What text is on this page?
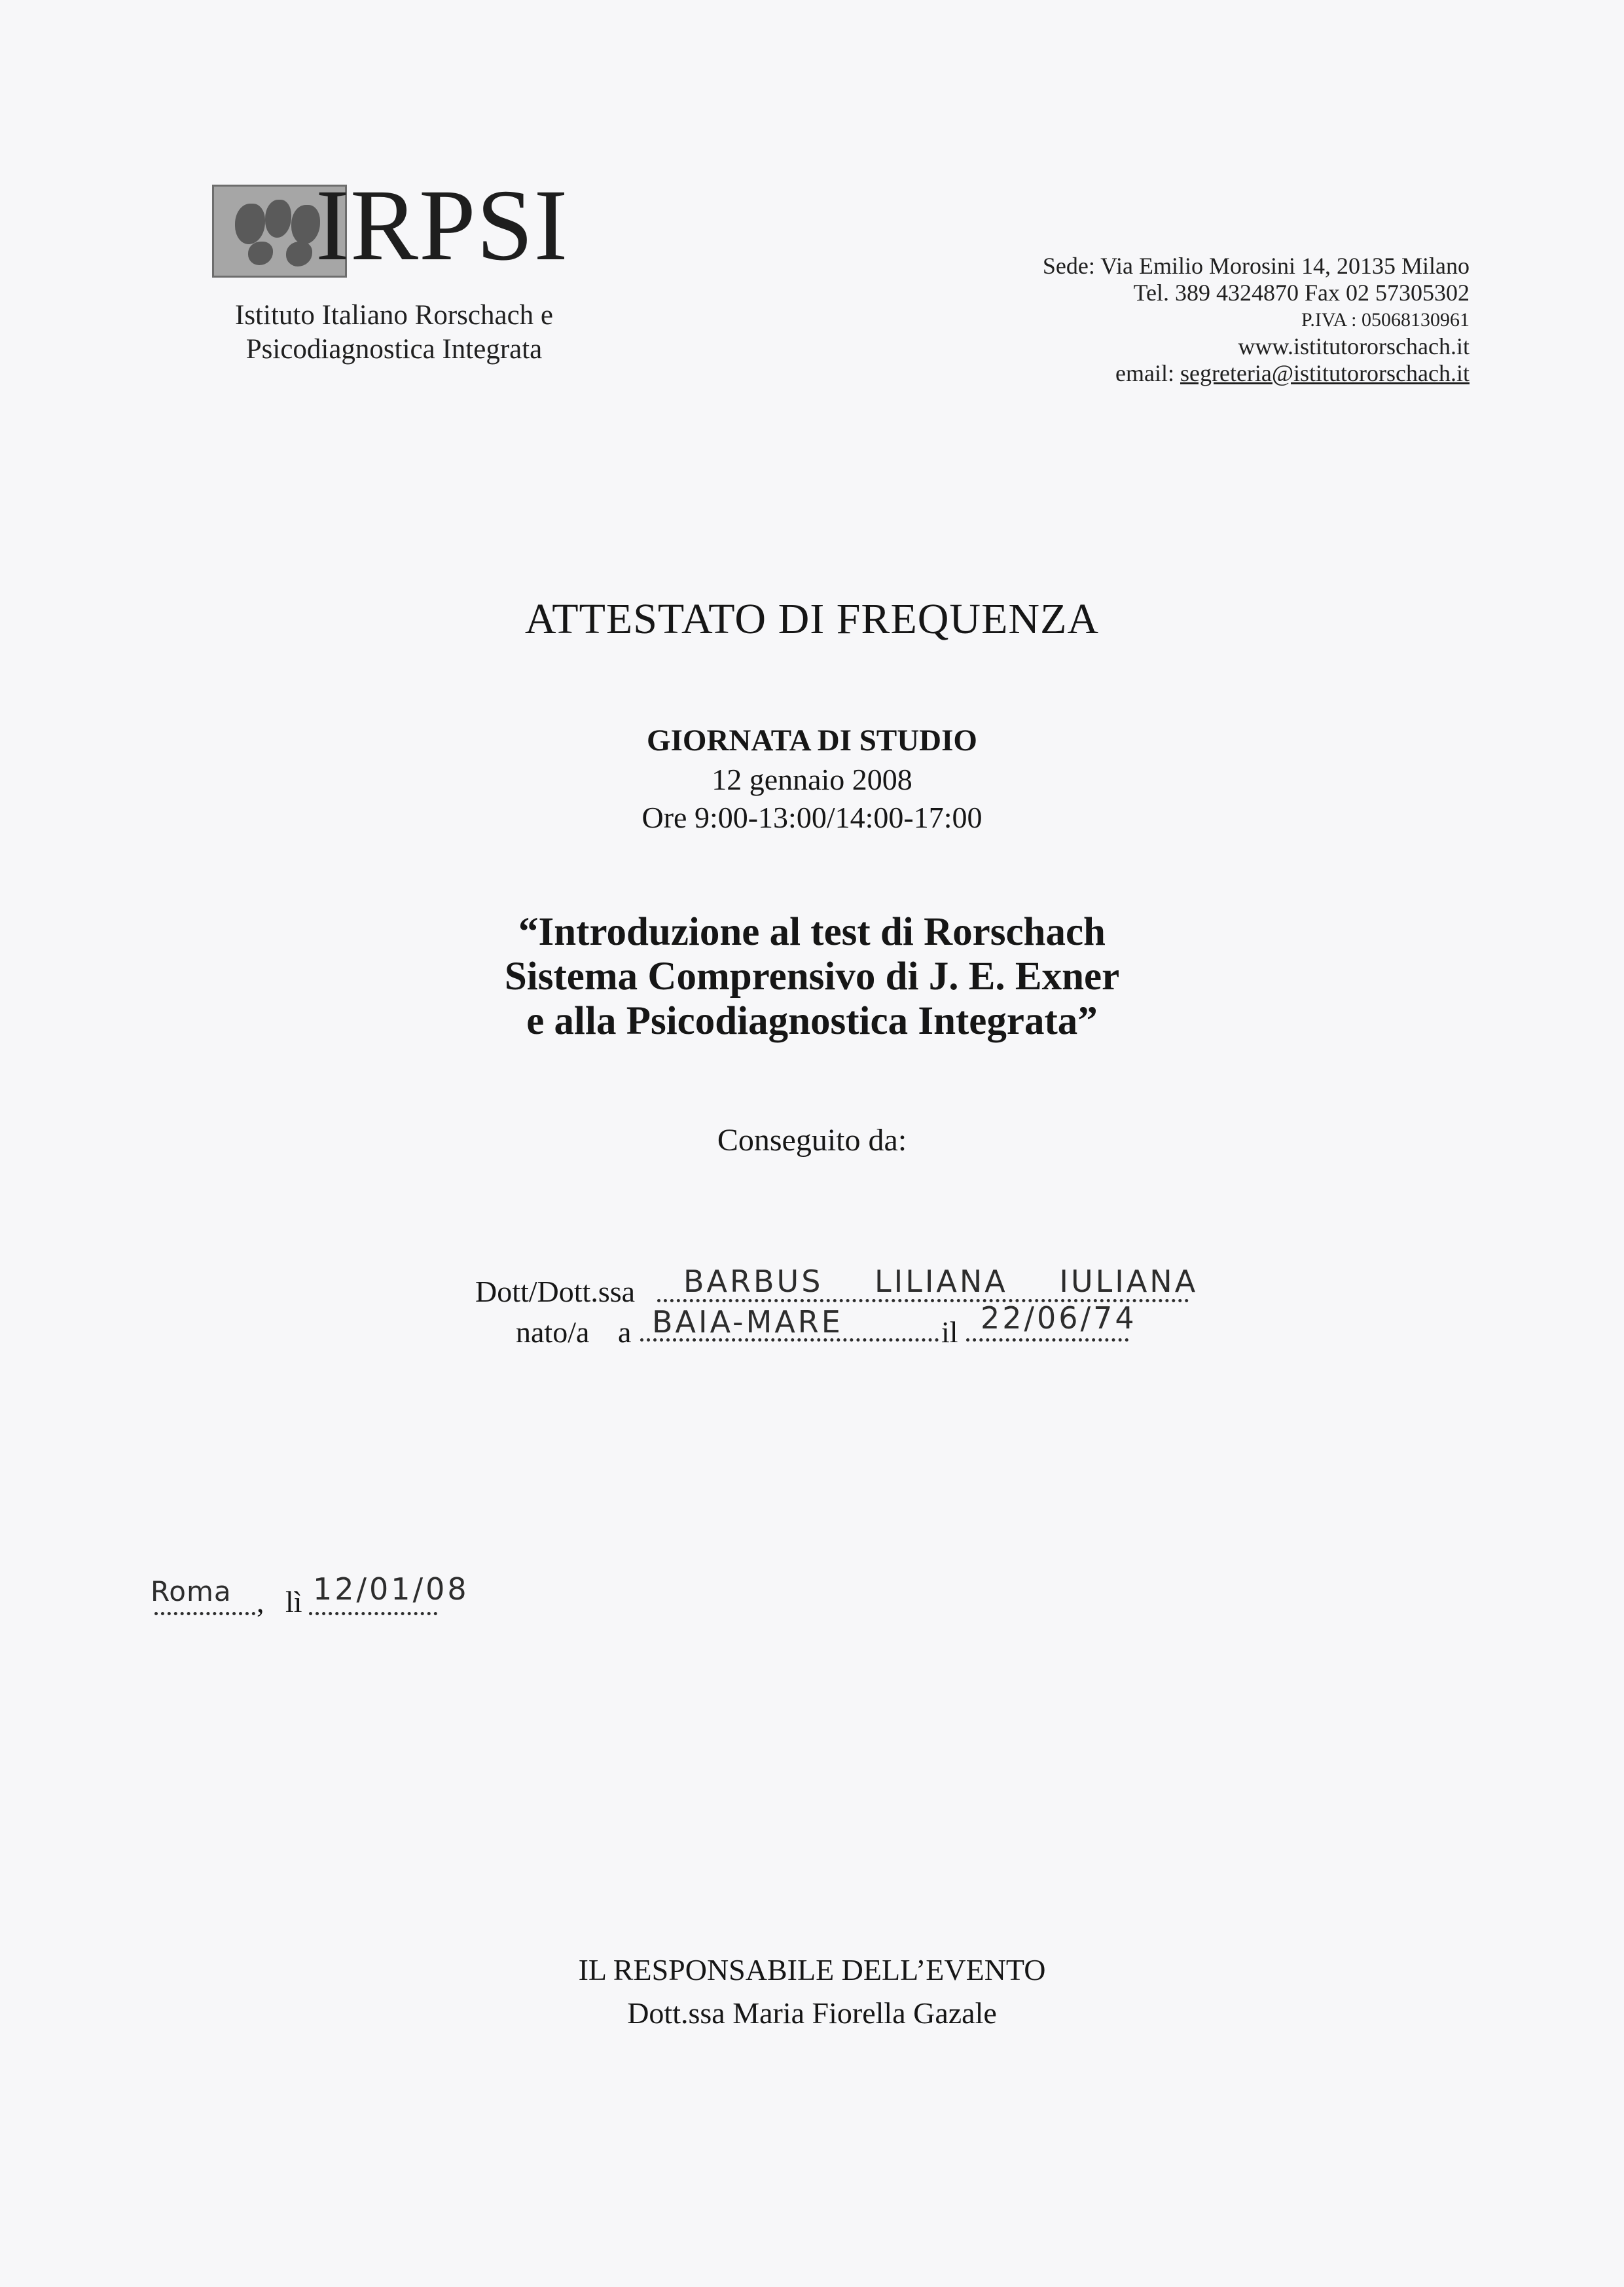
IRPSI
Istituto Italiano Rorschach e
Psicodiagnostica Integrata
Sede: Via Emilio Morosini 14, 20135 Milano
Tel. 389 4324870 Fax 02 57305302
P.IVA : 05068130961
www.istitutororschach.it
email: segreteria@istitutororschach.it
ATTESTATO DI FREQUENZA
GIORNATA DI STUDIO
12 gennaio 2008
Ore 9:00-13:00/14:00-17:00
“Introduzione al test di Rorschach
Sistema Comprensivo di J. E. Exner
e alla Psicodiagnostica Integrata”
Conseguito da:
Dott/Dott.ssa BARBUS LILIANA IULIANA
nato/a a BAIA-MARE	il 22/06/74
Roma , lì 12/01/08
IL RESPONSABILE DELL’EVENTO
Dott.ssa Maria Fiorella Gazale
